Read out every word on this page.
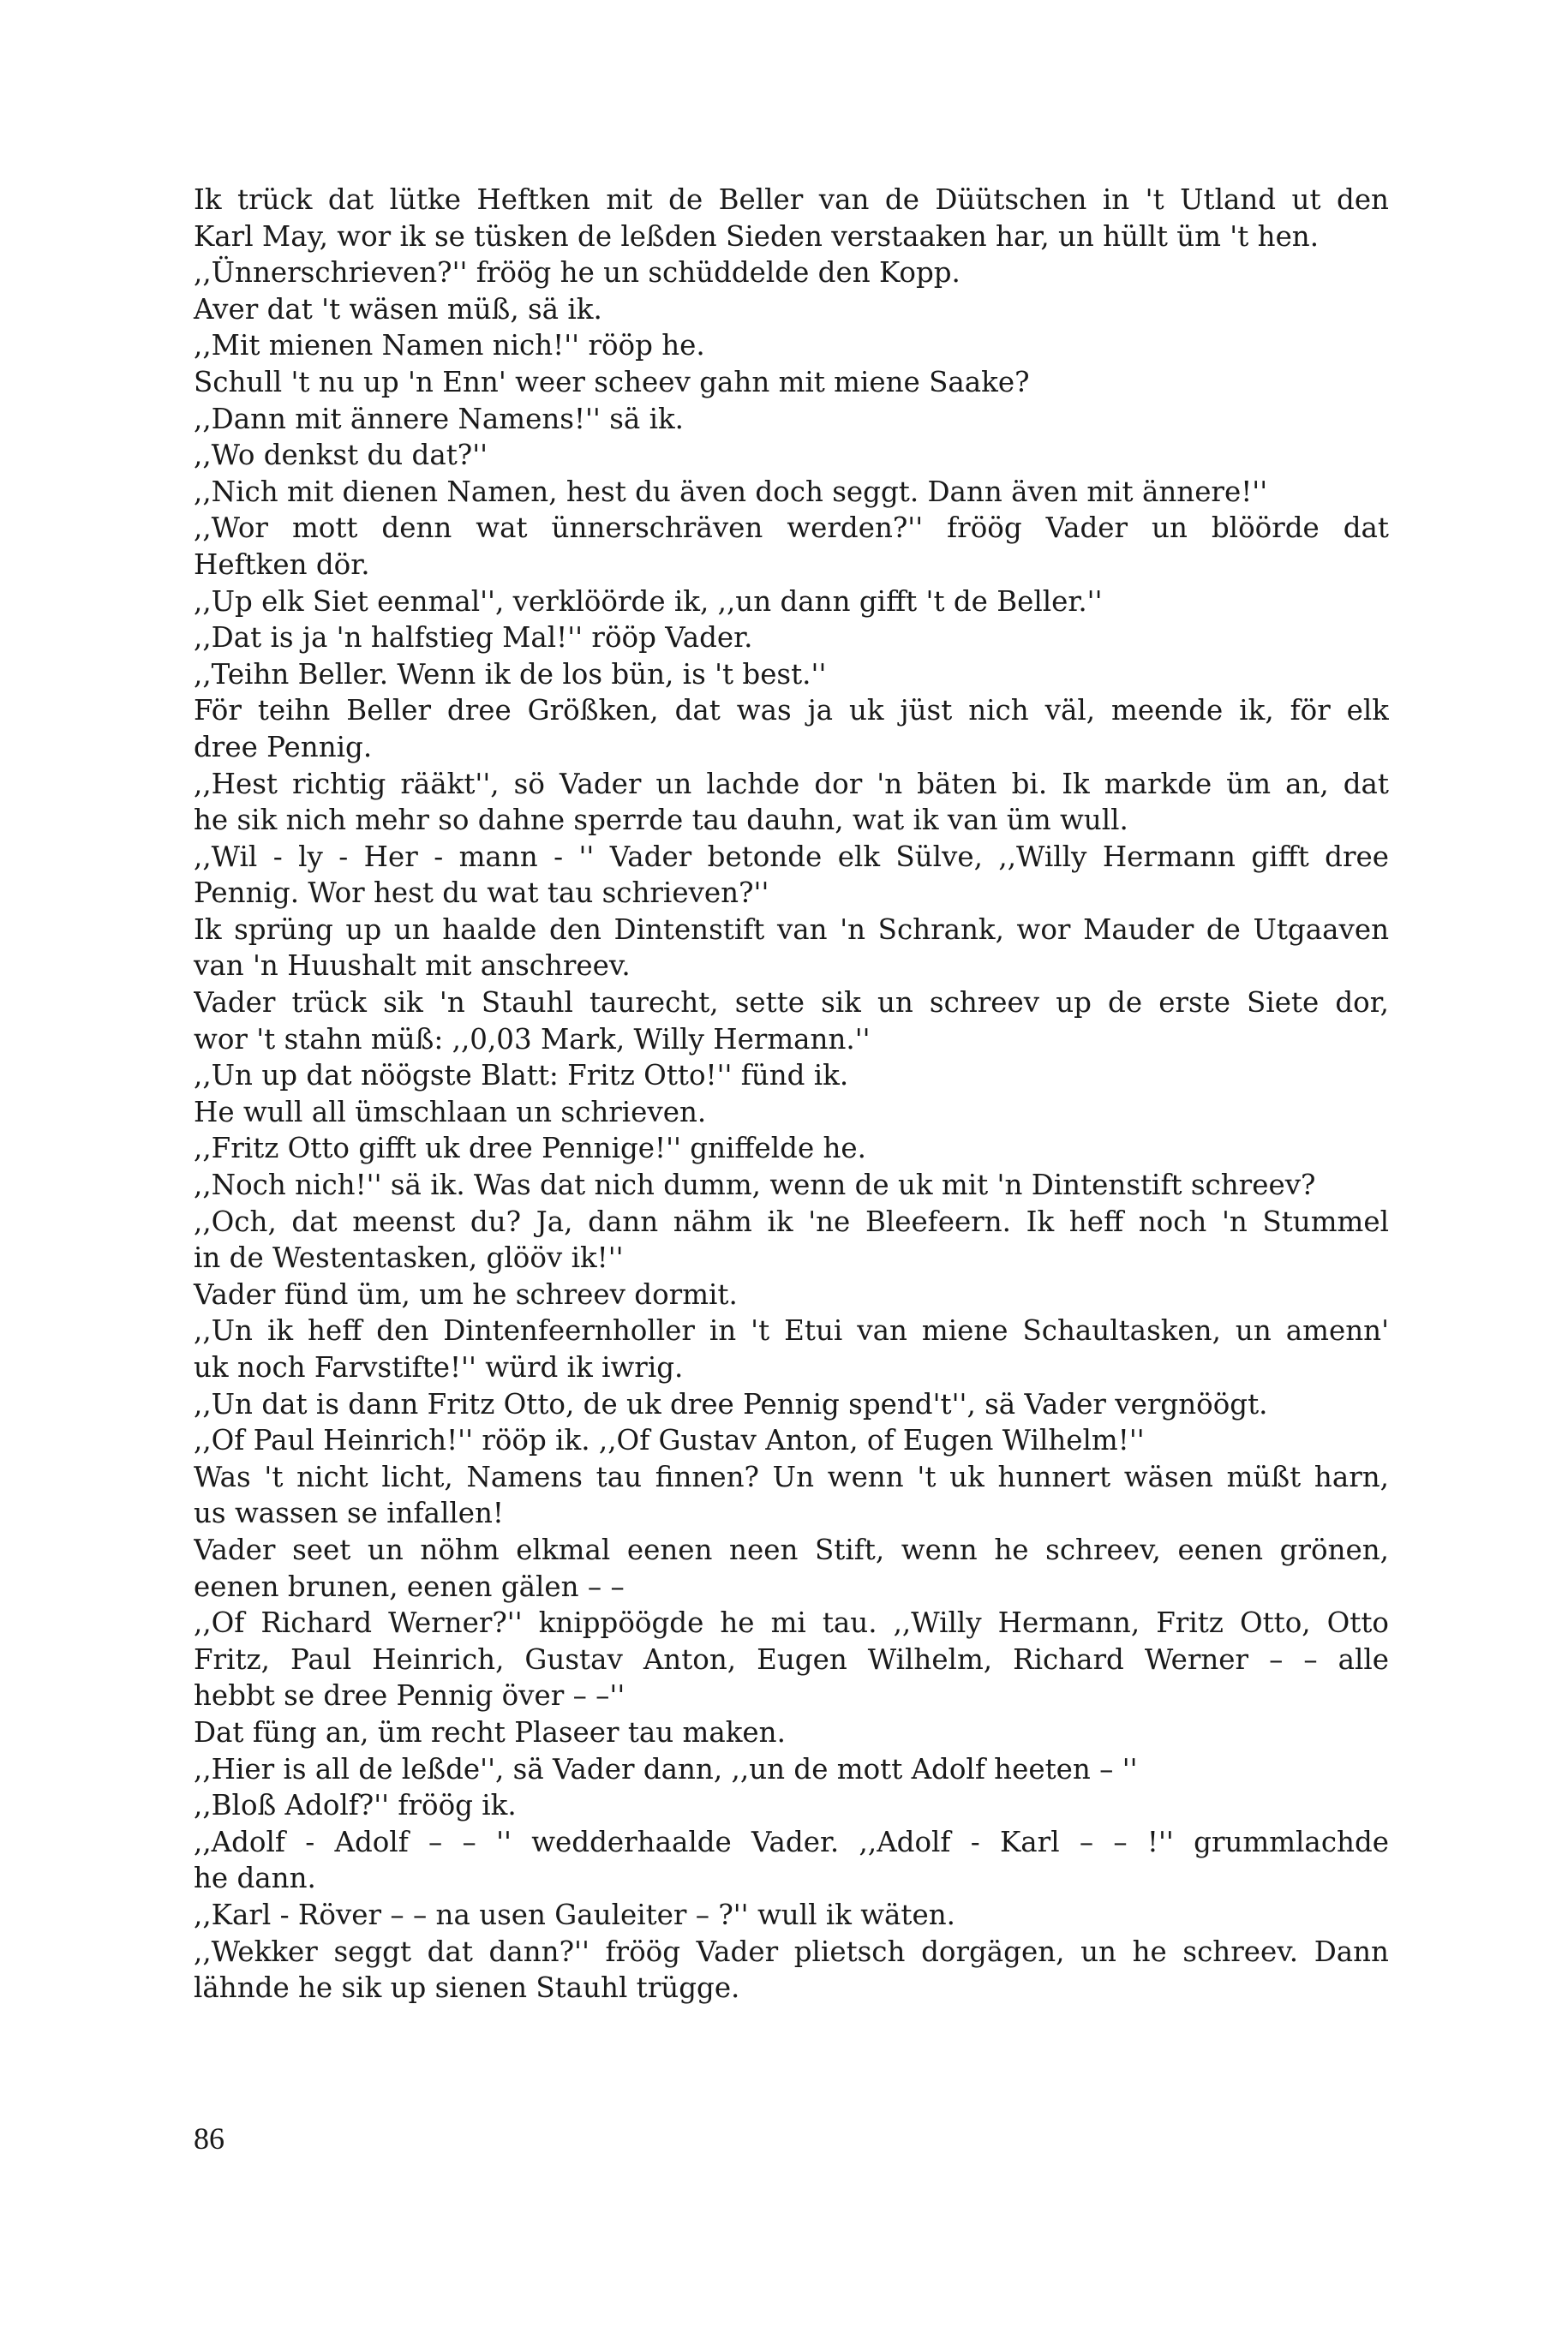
Ik trück dat lütke Heftken mit de Beller van de Düütschen in 't Utland ut den
Karl May, wor ik se tüsken de leßden Sieden verstaaken har, un hüllt üm 't hen.
,,Ünnerschrieven?'' fröög he un schüddelde den Kopp.
Aver dat 't wäsen müß, sä ik.
,,Mit mienen Namen nich!'' rööp he.
Schull 't nu up 'n Enn' weer scheev gahn mit miene Saake?
,,Dann mit ännere Namens!'' sä ik.
,,Wo denkst du dat?''
,,Nich mit dienen Namen, hest du även doch seggt. Dann även mit ännere!''
,,Wor mott denn wat ünnerschräven werden?'' fröög Vader un blöörde dat
Heftken dör.
,,Up elk Siet eenmal'', verklöörde ik, ,,un dann gifft 't de Beller.''
,,Dat is ja 'n halfstieg Mal!'' rööp Vader.
,,Teihn Beller. Wenn ik de los bün, is 't best.''
För teihn Beller dree Größken, dat was ja uk jüst nich väl, meende ik, för elk
dree Pennig.
,,Hest richtig rääkt'', sö Vader un lachde dor 'n bäten bi. Ik markde üm an, dat
he sik nich mehr so dahne sperrde tau dauhn, wat ik van üm wull.
,,Wil - ly - Her - mann - '' Vader betonde elk Sülve, ,,Willy Hermann gifft dree
Pennig. Wor hest du wat tau schrieven?''
Ik sprüng up un haalde den Dintenstift van 'n Schrank, wor Mauder de Utgaaven
van 'n Huushalt mit anschreev.
Vader trück sik 'n Stauhl taurecht, sette sik un schreev up de erste Siete dor,
wor 't stahn müß: ,,0,03 Mark, Willy Hermann.''
,,Un up dat nöögste Blatt: Fritz Otto!'' fünd ik.
He wull all ümschlaan un schrieven.
,,Fritz Otto gifft uk dree Pennige!'' gniffelde he.
,,Noch nich!'' sä ik. Was dat nich dumm, wenn de uk mit 'n Dintenstift schreev?
,,Och, dat meenst du? Ja, dann nähm ik 'ne Bleefeern. Ik heff noch 'n Stummel
in de Westentasken, glööv ik!''
Vader fünd üm, um he schreev dormit.
,,Un ik heff den Dintenfeernholler in 't Etui van miene Schaultasken, un amenn'
uk noch Farvstifte!'' würd ik iwrig.
,,Un dat is dann Fritz Otto, de uk dree Pennig spend't'', sä Vader vergnöögt.
,,Of Paul Heinrich!'' rööp ik. ,,Of Gustav Anton, of Eugen Wilhelm!''
Was 't nicht licht, Namens tau finnen? Un wenn 't uk hunnert wäsen müßt harn,
us wassen se infallen!
Vader seet un nöhm elkmal eenen neen Stift, wenn he schreev, eenen grönen,
eenen brunen, eenen gälen – –
,,Of Richard Werner?'' knippöögde he mi tau. ,,Willy Hermann, Fritz Otto, Otto
Fritz, Paul Heinrich, Gustav Anton, Eugen Wilhelm, Richard Werner – – alle
hebbt se dree Pennig över – –''
Dat füng an, üm recht Plaseer tau maken.
,,Hier is all de leßde'', sä Vader dann, ,,un de mott Adolf heeten – ''
,,Bloß Adolf?'' fröög ik.
,,Adolf - Adolf – – '' wedderhaalde Vader. ,,Adolf - Karl – – !'' grummlachde
he dann.
,,Karl - Röver – – na usen Gauleiter – ?'' wull ik wäten.
,,Wekker seggt dat dann?'' fröög Vader plietsch dorgägen, un he schreev. Dann
lähnde he sik up sienen Stauhl trügge.
86
